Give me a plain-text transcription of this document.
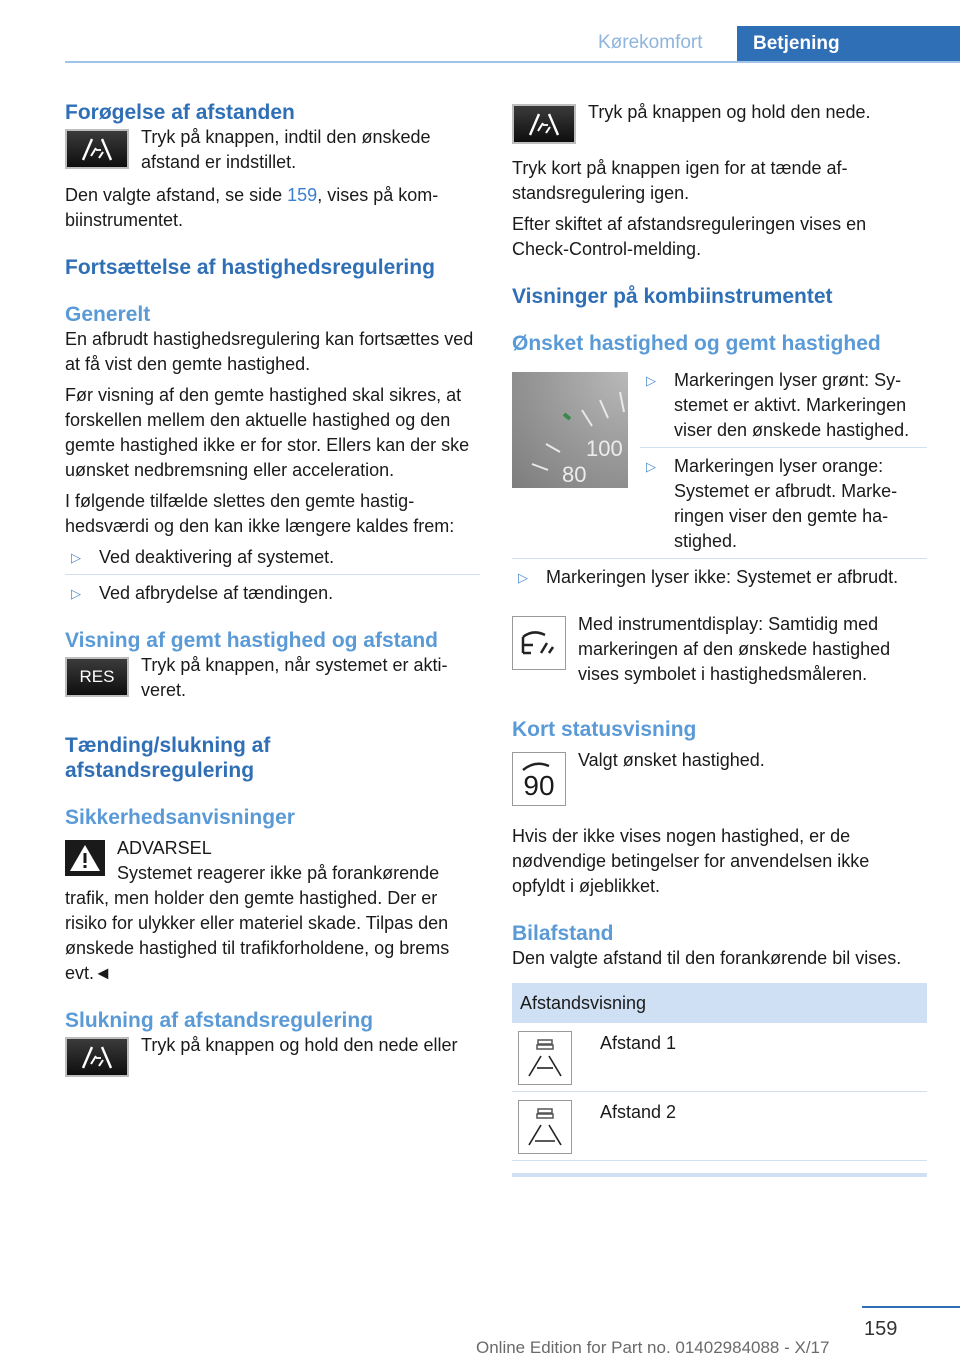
Kørekomfort	Betjening
Forøgelse af afstanden

Tryk på knappen, indtil den ønskede afstand er indstillet.

Den valgte afstand, se side 159, vises på kombiinstrumentet.

Fortsættelse af hastighedsregulering
Generelt

En afbrudt hastighedsregulering kan fortsættes ved at få vist den gemte hastighed.

Før visning af den gemte hastighed skal sikres, at forskellen mellem den aktuelle hastighed og den gemte hastighed ikke er for stor. Ellers kan der ske uønsket nedbremsning eller acceleration.

I følgende tilfælde slettes den gemte hastighedsværdi og den kan ikke længere kaldes frem:

▷ Ved deaktivering af systemet.
▷ Ved afbrydelse af tændingen.
Visning af gemt hastighed og afstand
RES

Tryk på knappen, når systemet er aktiveret.

Tænding/slukning af afstandsregulering
Sikkerhedsanvisninger

ADVARSEL

Systemet reagerer ikke på forankørende trafik, men holder den gemte hastighed. Der er risiko for ulykker eller materiel skade. Tilpas den ønskede hastighed til trafikforholdene, og brems evt.◄

Slukning af afstandsregulering

Tryk på knappen og hold den nede eller

Tryk på knappen og hold den nede.

Tryk kort på knappen igen for at tænde afstandsregulering igen.

Efter skiftet af afstandsreguleringen vises en Check-Control-melding.

Visninger på kombiinstrumentet
Ønsket hastighed og gemt hastighed
100
80
▷ Markeringen lyser grønt: Systemet er aktivt. Markeringen viser den ønskede hastighed.
▷ Markeringen lyser orange: Systemet er afbrudt. Markeringen viser den gemte hastighed.
▷ Markeringen lyser ikke: Systemet er afbrudt.

Med instrumentdisplay: Samtidig med markeringen af den ønskede hastighed vises symbolet i hastighedsmåleren.

Kort statusvisning
90

Valgt ønsket hastighed.

Hvis der ikke vises nogen hastighed, er de nødvendige betingelser for anvendelsen ikke opfyldt i øjeblikket.

Bilafstand

Den valgte afstand til den forankørende bil vises.

Afstandsvisning	

	Afstand 1

	Afstand 2
159
Online Edition for Part no. 01402984088 - X/17
